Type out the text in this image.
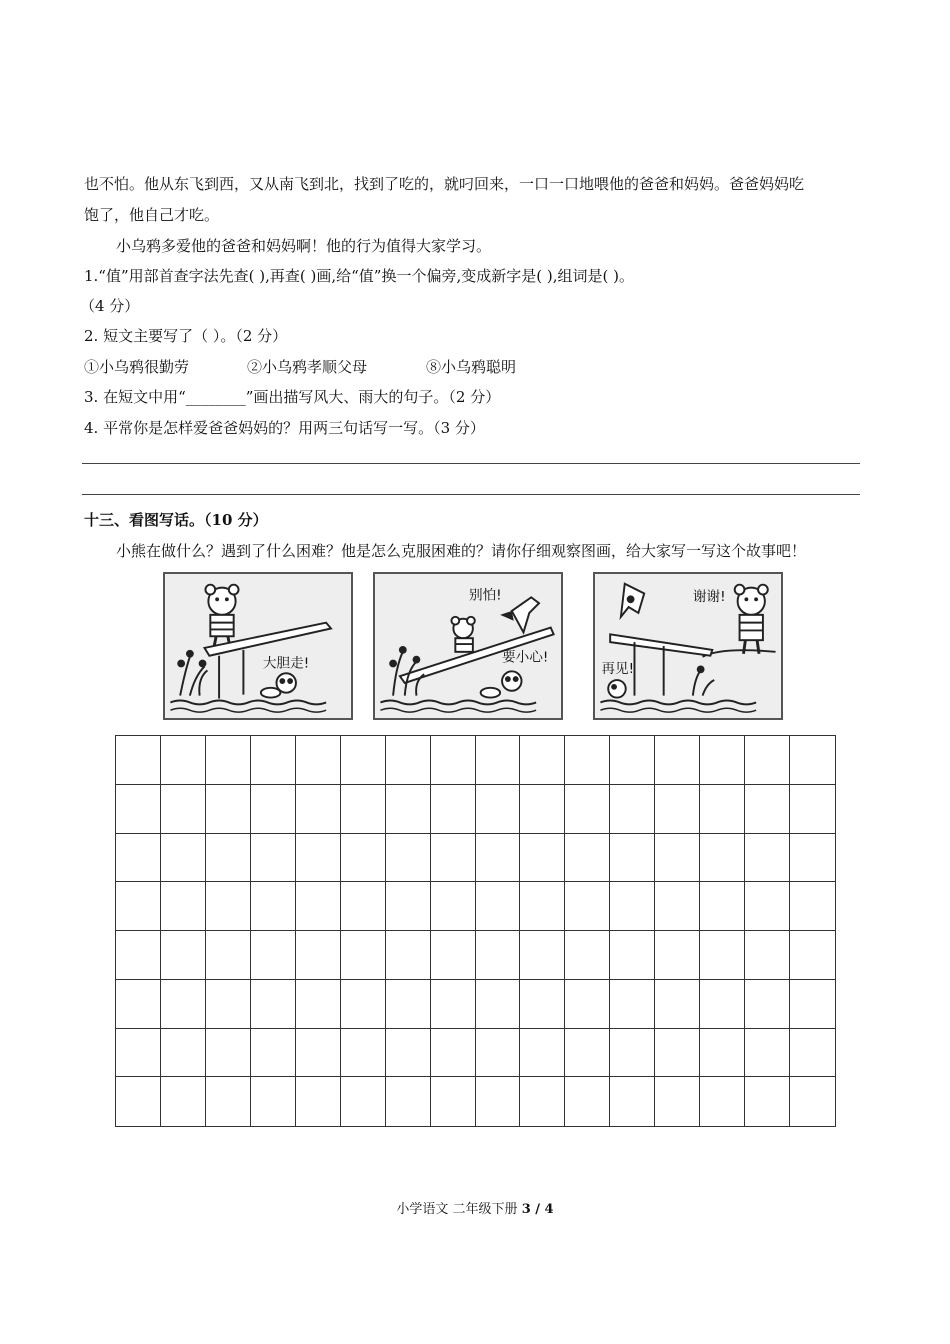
也不怕。他从东飞到西，又从南飞到北，找到了吃的，就叼回来，一口一口地喂他的爸爸和妈妈。爸爸妈妈吃
饱了，他自己才吃。
小乌鸦多爱他的爸爸和妈妈啊！他的行为值得大家学习。
1.“值”用部首查字法先查( ),再查( )画,给“值”换一个偏旁,变成新字是( ),组词是( )。
（4 分）
2. 短文主要写了（ ）。（2 分）
①小乌鸦很勤劳	②小乌鸦孝顺父母	⑧小乌鸦聪明
3. 在短文中用“________”画出描写风大、雨大的句子。（2 分）
4. 平常你是怎样爱爸爸妈妈的？用两三句话写一写。（3 分）
十三、看图写话。（10 分）
小熊在做什么？遇到了什么困难？他是怎么克服困难的？请你仔细观察图画，给大家写一写这个故事吧！
大胆走!
别怕!
要小心!
谢谢!
再见!
小学语文 二年级下册 3 / 4
